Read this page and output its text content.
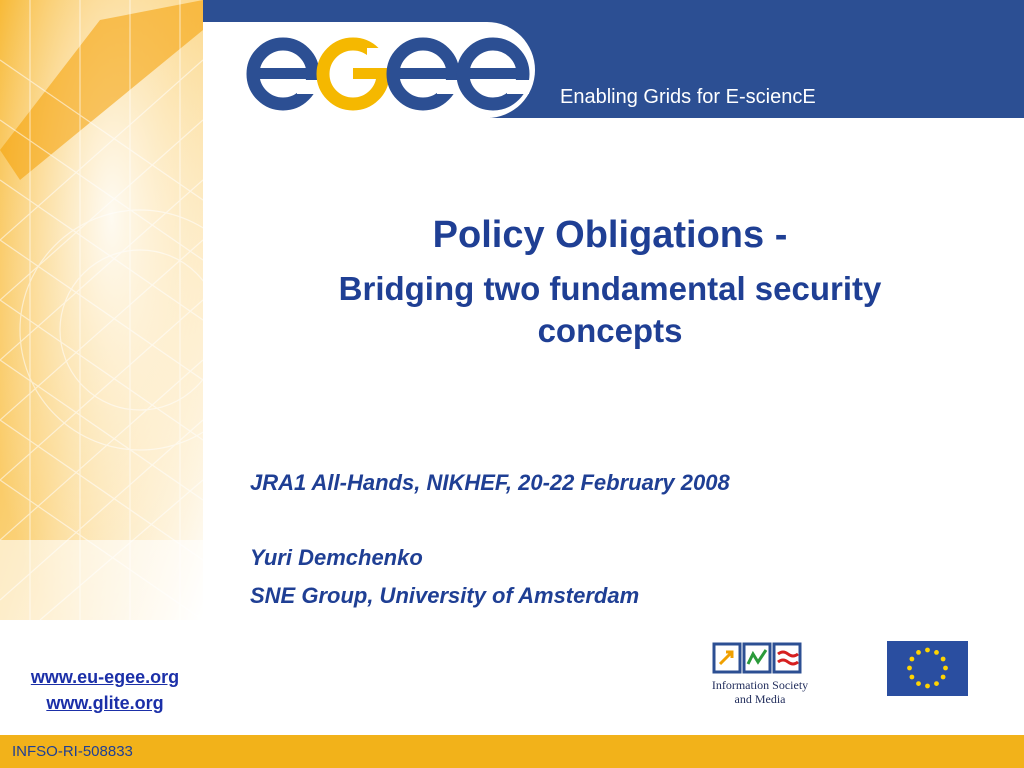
Enabling Grids for E-sciencE
Policy Obligations -
Bridging two fundamental security
concepts
JRA1 All-Hands, NIKHEF, 20-22 February 2008
Yuri Demchenko
SNE Group, University of Amsterdam
www.eu-egee.org
www.glite.org
Information Society
and Media
INFSO-RI-508833
